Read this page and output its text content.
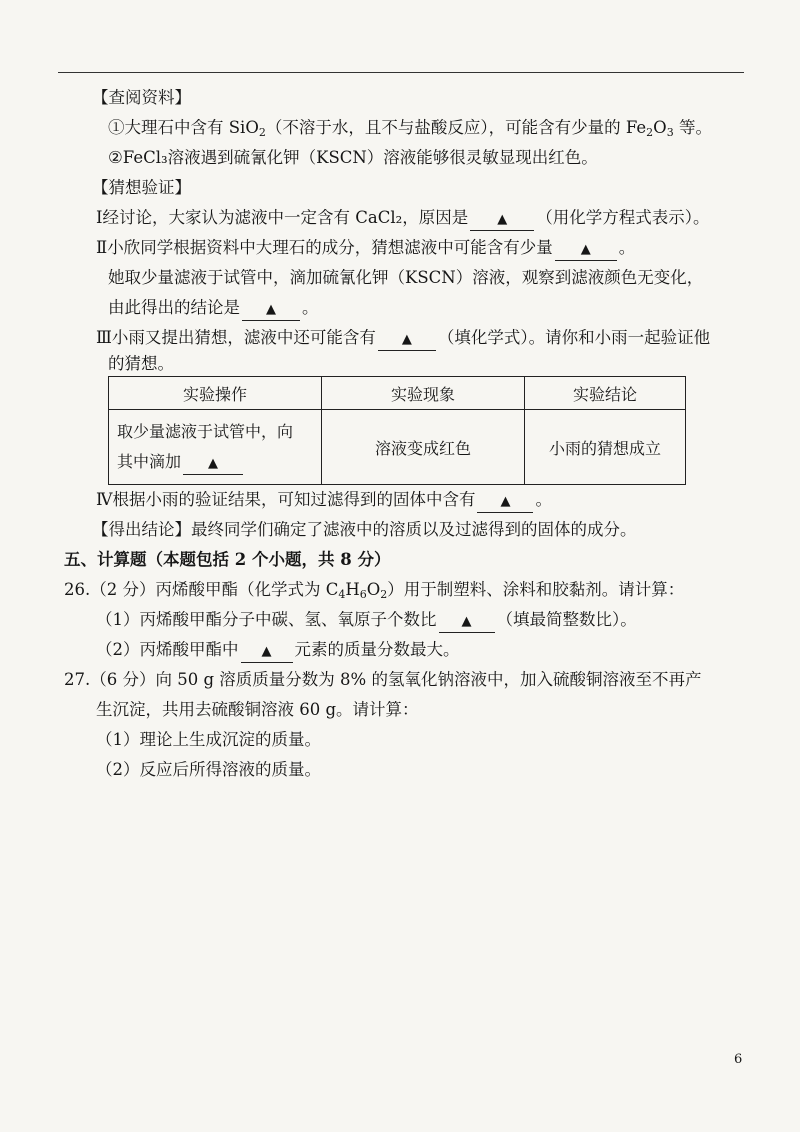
【查阅资料】
①大理石中含有 SiO$_2$（不溶于水，且不与盐酸反应），可能含有少量的 $Fe_2O_3$ 等。
②FeCl₃溶液遇到硫氰化钾（KSCN）溶液能够很灵敏显现出红色。
【猜想验证】
Ⅰ经讨论，大家认为滤液中一定含有 CaCl₂，原因是 ▲ （用化学方程式表示）。
Ⅱ小欣同学根据资料中大理石的成分，猜想滤液中可能含有少量 ▲ 。
她取少量滤液于试管中，滴加硫氰化钾（KSCN）溶液，观察到滤液颜色无变化，
由此得出的结论是 ▲ 。
Ⅲ小雨又提出猜想，滤液中还可能含有 ▲ （填化学式）。请你和小雨一起验证他
的猜想。
实验操作	实验现象	实验结论

取少量滤液于试管中，向
其中滴加 ▲	溶液变成红色	小雨的猜想成立
Ⅳ根据小雨的验证结果，可知过滤得到的固体中含有 ▲ 。
【得出结论】最终同学们确定了滤液中的溶质以及过滤得到的固体的成分。
五、计算题（本题包括 2 个小题，共 8 分）
26.（2 分）丙烯酸甲酯（化学式为 $C_4H_6O_2$）用于制塑料、涂料和胶黏剂。请计算：
（1）丙烯酸甲酯分子中碳、氢、氧原子个数比 ▲ （填最简整数比）。
（2）丙烯酸甲酯中 ▲ 元素的质量分数最大。
27.（6 分）向 50 g 溶质质量分数为 8% 的氢氧化钠溶液中，加入硫酸铜溶液至不再产
生沉淀，共用去硫酸铜溶液 60 g。请计算：
（1）理论上生成沉淀的质量。
（2）反应后所得溶液的质量。
6
